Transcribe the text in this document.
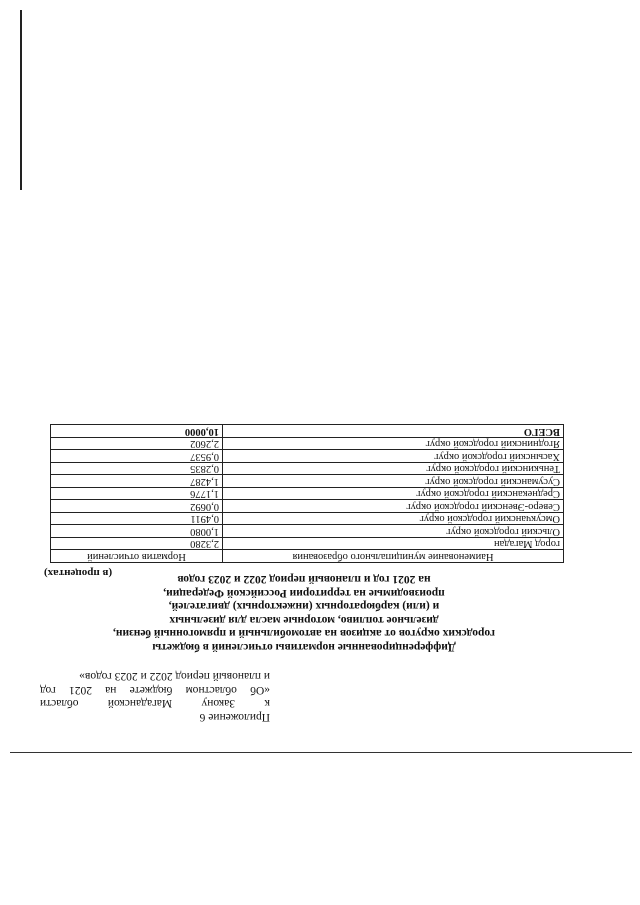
Приложение 6
к
Закону
Магаданской
области
«Об
областном
бюджете
на
2021
год
и плановый период 2022 и 2023 годов»
Дифференцированные нормативы отчислений в бюджеты
городских округов от акцизов на автомобильный и прямогонный бензин,
дизельное топливо, моторные масла для дизельных
и (или) карбюраторных (инжекторных) двигателей,
производимые на территории Российской Федерации,
на 2021 год и плановый период 2022 и 2023 годов
(в процентах)
Наименование муниципального образования	Норматив отчислений
город Магадан	2,3280
Ольский городской округ	1,0080
Омсукчанский городской округ	0,4911
Северо-Эвенский городской округ	0,0692
Среднеканский городской округ	1,1776
Сусуманский городской округ	1,4287
Тенькинский городской округ	0,2835
Хасынский городской округ	0,9537
Ягоднинский городской округ	2,2602
ВСЕГО	10,0000
